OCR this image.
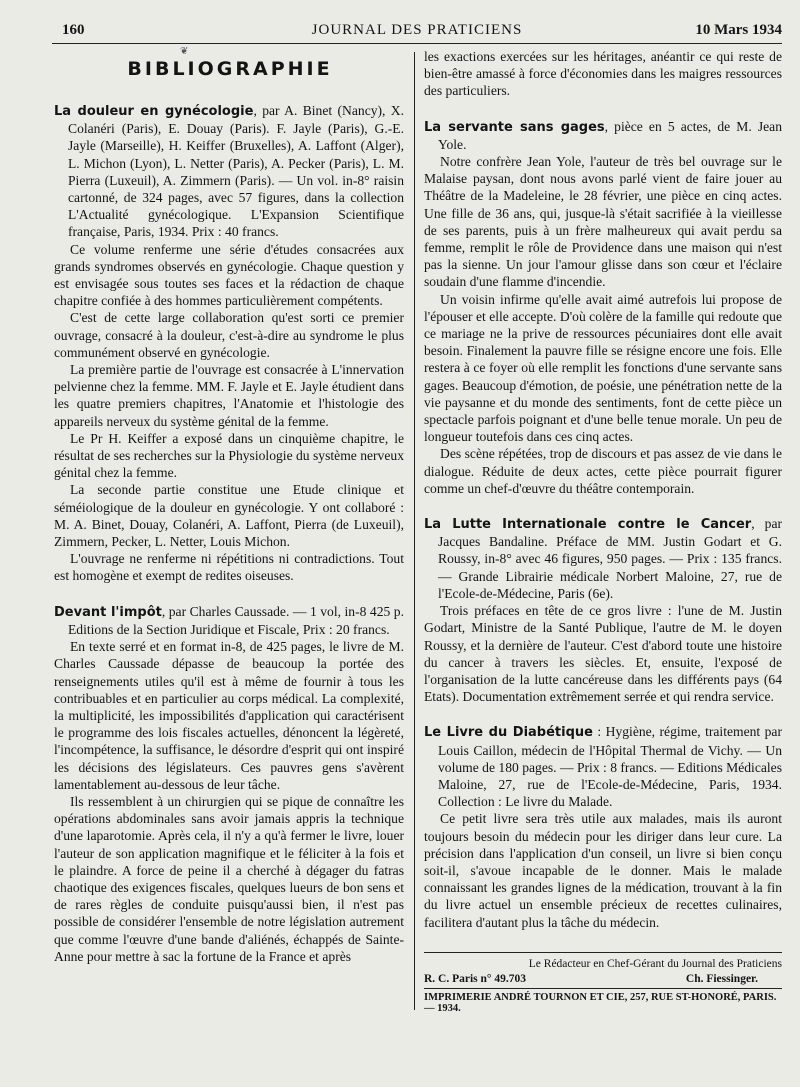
160	JOURNAL DES PRATICIENS	10 Mars 1934
❦
BIBLIOGRAPHIE

La douleur en gynécologie, par A. Binet (Nancy), X. Colanéri (Paris), E. Douay (Paris). F. Jayle (Paris), G.-E. Jayle (Marseille), H. Keiffer (Bruxelles), A. Laffont (Alger), L. Michon (Lyon), L. Netter (Paris), A. Pecker (Paris), L. M. Pierra (Luxeuil), A. Zimmern (Paris). — Un vol. in-8° raisin cartonné, de 324 pages, avec 57 figures, dans la collection L'Actualité gynécologique. L'Expansion Scientifique française, Paris, 1934. Prix : 40 francs.

Ce volume renferme une série d'études consacrées aux grands syndromes observés en gynécologie. Chaque question y est envisagée sous toutes ses faces et la rédaction de chaque chapitre confiée à des hommes particulièrement compétents.

C'est de cette large collaboration qu'est sorti ce premier ouvrage, consacré à la douleur, c'est-à-dire au syndrome le plus communément observé en gynécologie.

La première partie de l'ouvrage est consacrée à L'innervation pelvienne chez la femme. MM. F. Jayle et E. Jayle étudient dans les quatre premiers chapitres, l'Anatomie et l'histologie des appareils nerveux du système génital de la femme.

Le Pr H. Keiffer a exposé dans un cinquième chapitre, le résultat de ses recherches sur la Physiologie du système nerveux génital chez la femme.

La seconde partie constitue une Etude clinique et séméiologique de la douleur en gynécologie. Y ont collaboré : M. A. Binet, Douay, Colanéri, A. Laffont, Pierra (de Luxeuil), Zimmern, Pecker, L. Netter, Louis Michon.

L'ouvrage ne renferme ni répétitions ni contradictions. Tout est homogène et exempt de redites oiseuses.

Devant l'impôt, par Charles Caussade. — 1 vol, in-8 425 p. Editions de la Section Juridique et Fiscale, Prix : 20 francs.

En texte serré et en format in-8, de 425 pages, le livre de M. Charles Caussade dépasse de beaucoup la portée des renseignements utiles qu'il est à même de fournir à tous les contribuables et en particulier au corps médical. La complexité, la multiplicité, les impossibilités d'application qui caractérisent le programme des lois fiscales actuelles, dénoncent la légèreté, l'incompétence, la suffisance, le désordre d'esprit qui ont inspiré les décisions des législateurs. Ces pauvres gens s'avèrent lamentablement au-dessous de leur tâche.

Ils ressemblent à un chirurgien qui se pique de connaître les opérations abdominales sans avoir jamais appris la technique d'une laparotomie. Après cela, il n'y a qu'à fermer le livre, louer l'auteur de son application magnifique et le féliciter à la fois et le plaindre. A force de peine il a cherché à dégager du fatras chaotique des exigences fiscales, quelques lueurs de bon sens et de rares règles de conduite puisqu'aussi bien, il n'est pas possible de considérer l'ensemble de notre législation autrement que comme l'œuvre d'une bande d'aliénés, échappés de Sainte-Anne pour mettre à sac la fortune de la France et après

les exactions exercées sur les héritages, anéantir ce qui reste de bien-être amassé à force d'économies dans les maigres ressources des particuliers.

La servante sans gages, pièce en 5 actes, de M. Jean Yole.

Notre confrère Jean Yole, l'auteur de très bel ouvrage sur le Malaise paysan, dont nous avons parlé vient de faire jouer au Théâtre de la Madeleine, le 28 février, une pièce en cinq actes. Une fille de 36 ans, qui, jusque-là s'était sacrifiée à la vieillesse de ses parents, puis à un frère malheureux qui avait perdu sa femme, remplit le rôle de Providence dans une maison qui n'est pas la sienne. Un jour l'amour glisse dans son cœur et l'éclaire soudain d'une flamme d'incendie.

Un voisin infirme qu'elle avait aimé autrefois lui propose de l'épouser et elle accepte. D'où colère de la famille qui redoute que ce mariage ne la prive de ressources pécuniaires dont elle avait besoin. Finalement la pauvre fille se résigne encore une fois. Elle restera à ce foyer où elle remplit les fonctions d'une servante sans gages. Beaucoup d'émotion, de poésie, une pénétration nette de la vie paysanne et du monde des sentiments, font de cette pièce un spectacle parfois poignant et d'une belle tenue morale. Un peu de longueur toutefois dans ces cinq actes.

Des scène répétées, trop de discours et pas assez de vie dans le dialogue. Réduite de deux actes, cette pièce pourrait figurer comme un chef-d'œuvre du théâtre contemporain.

La Lutte Internationale contre le Cancer, par Jacques Bandaline. Préface de MM. Justin Godart et G. Roussy, in-8° avec 46 figures, 950 pages. — Prix : 135 francs. — Grande Librairie médicale Norbert Maloine, 27, rue de l'Ecole-de-Médecine, Paris (6e).

Trois préfaces en tête de ce gros livre : l'une de M. Justin Godart, Ministre de la Santé Publique, l'autre de M. le doyen Roussy, et la dernière de l'auteur. C'est d'abord toute une histoire du cancer à travers les siècles. Et, ensuite, l'exposé de l'organisation de la lutte cancéreuse dans les différents pays (64 Etats). Documentation extrêmement serrée et qui rendra service.

Le Livre du Diabétique : Hygiène, régime, traitement par Louis Caillon, médecin de l'Hôpital Thermal de Vichy. — Un volume de 180 pages. — Prix : 8 francs. — Editions Médicales Maloine, 27, rue de l'Ecole-de-Médecine, Paris, 1934. Collection : Le livre du Malade.

Ce petit livre sera très utile aux malades, mais ils auront toujours besoin du médecin pour les diriger dans leur cure. La précision dans l'application d'un conseil, un livre si bien conçu soit-il, s'avoue incapable de le donner. Mais le malade connaissant les grandes lignes de la médication, trouvant à la fin du livre actuel un ensemble précieux de recettes culinaires, facilitera d'autant plus la tâche du médecin.

Le Rédacteur en Chef-Gérant du Journal des Praticiens
R. C. Paris n° 49.703	Ch. Fiessinger.
IMPRIMERIE ANDRÉ TOURNON ET CIE, 257, RUE ST-HONORÉ, PARIS. — 1934.
